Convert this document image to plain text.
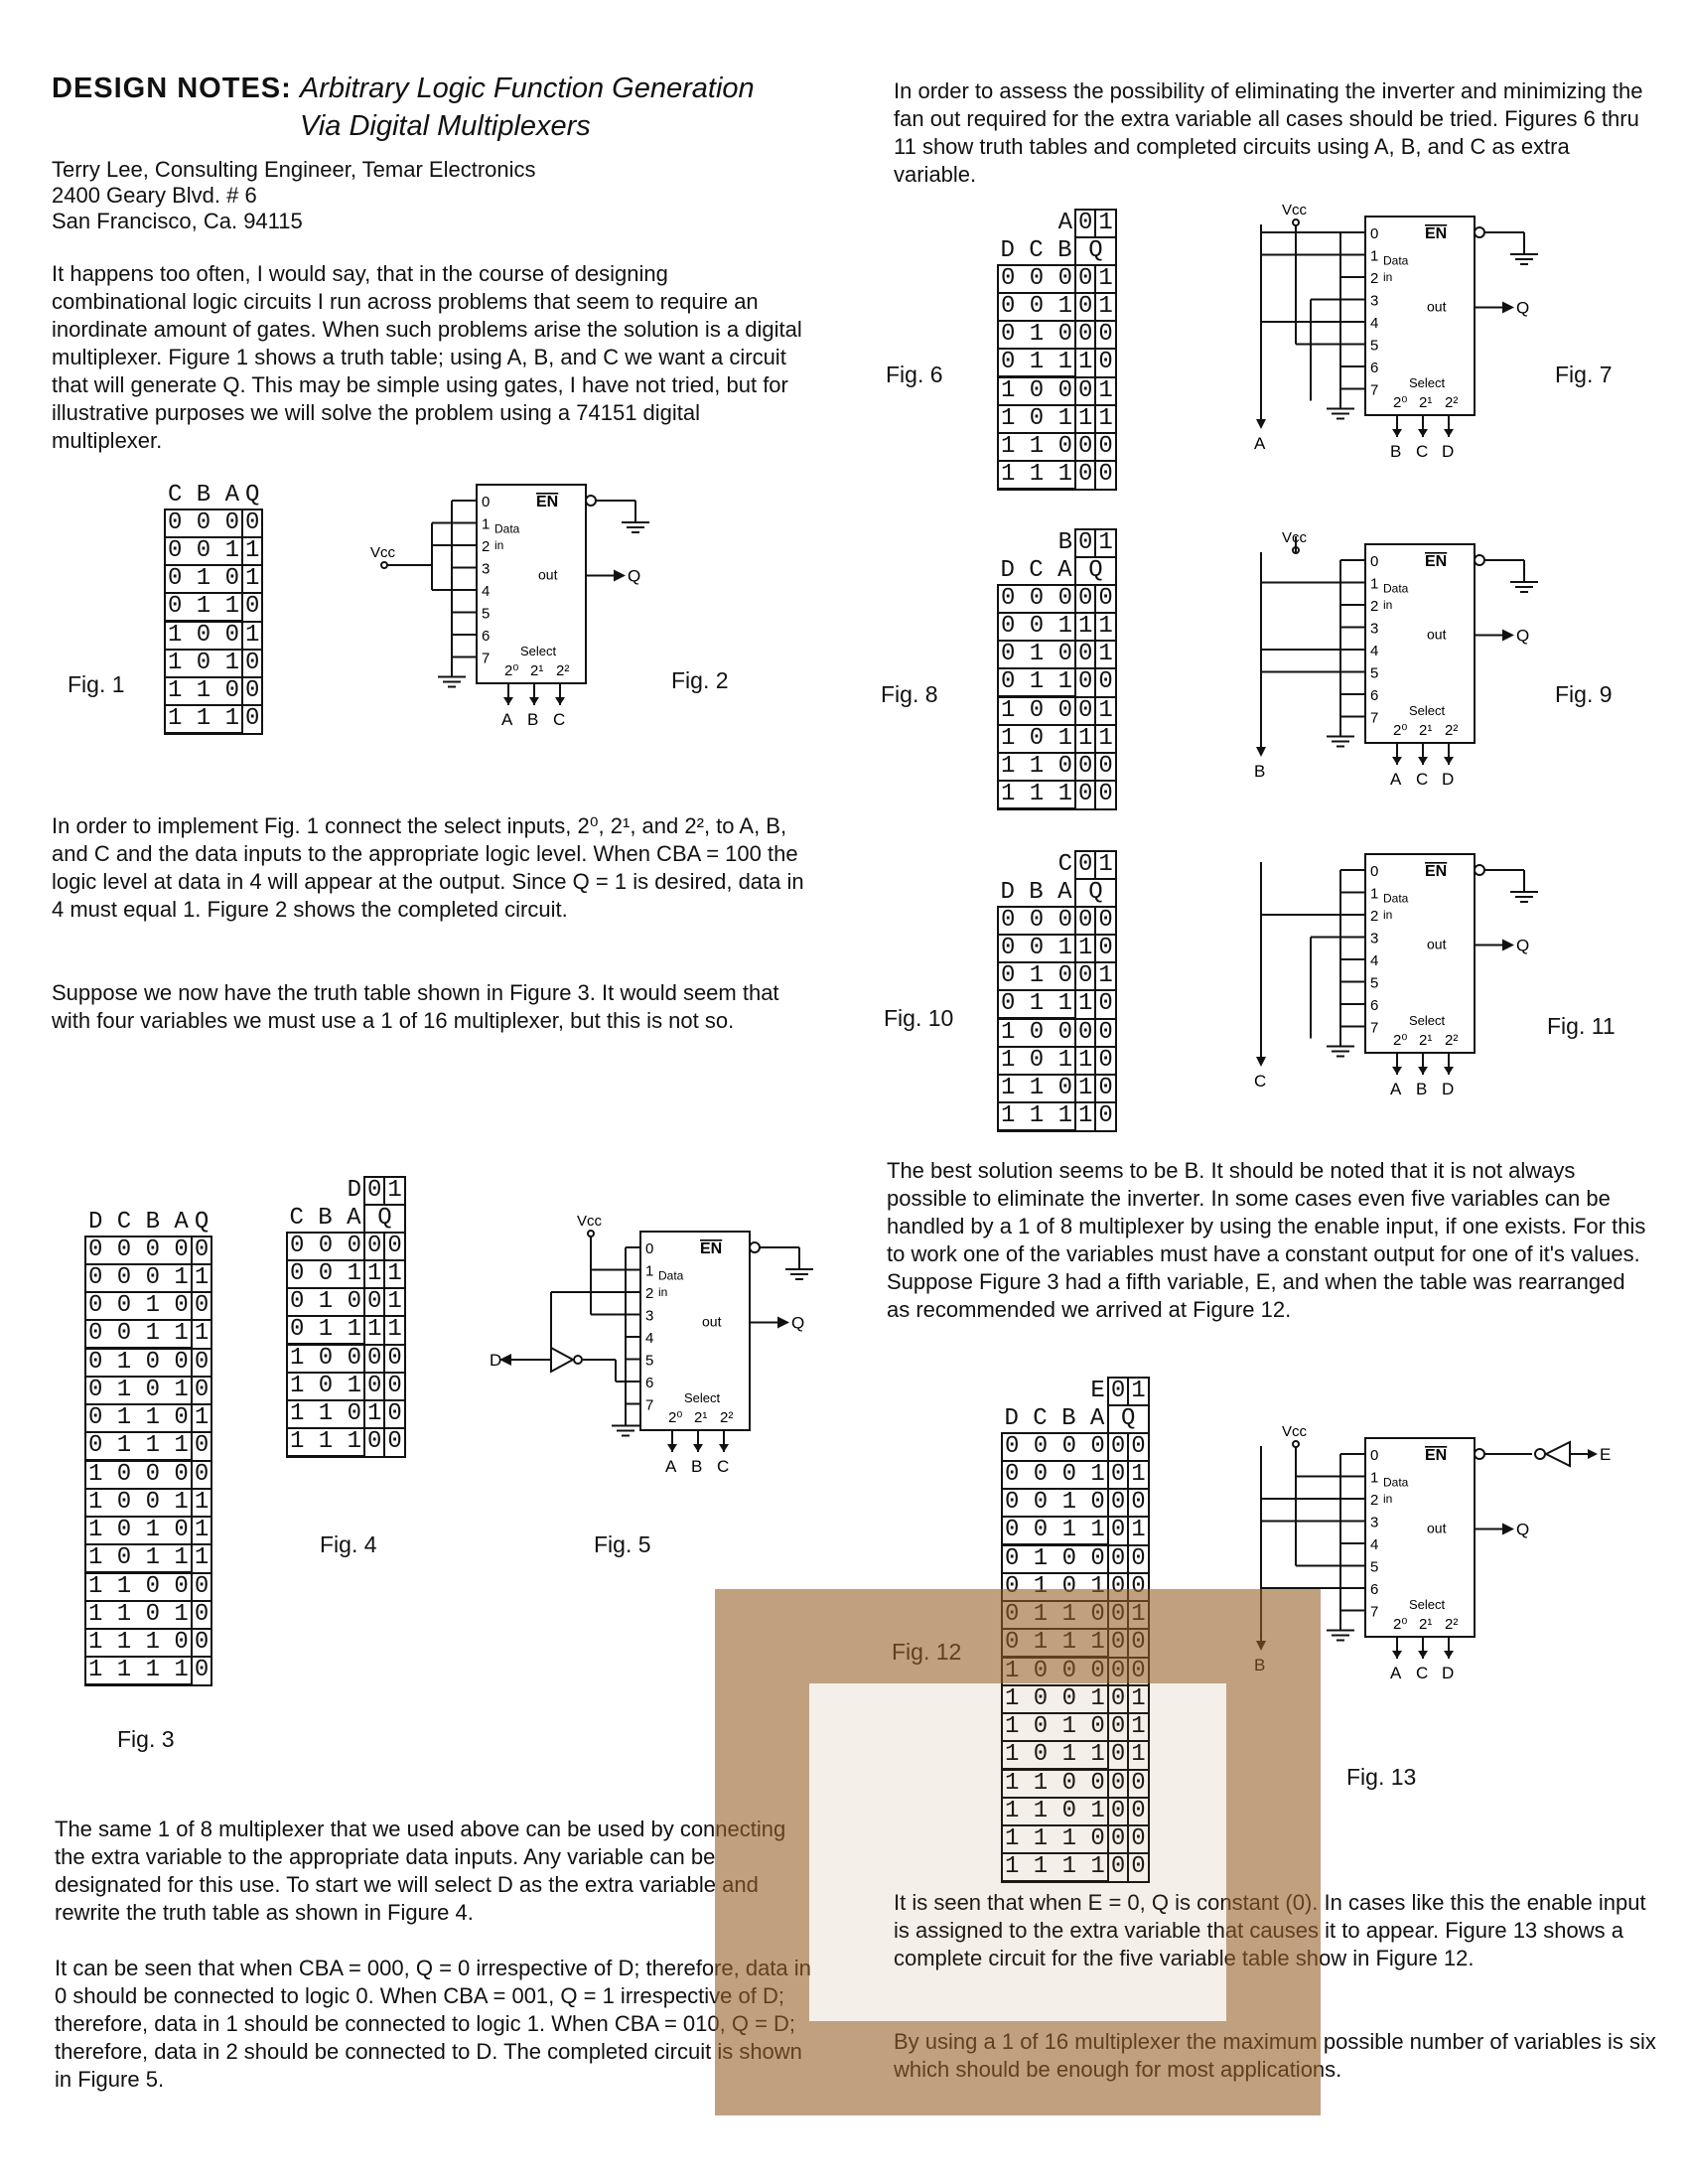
DESIGN NOTES: Arbitrary Logic Function Generation
Via Digital Multiplexers
Terry Lee, Consulting Engineer, Temar Electronics
2400 Geary Blvd. # 6
San Francisco, Ca. 94115

It happens too often, I would say, that in the course of designing combinational logic circuits I run across problems that seem to require an inordinate amount of gates. When such problems arise the solution is a digital multiplexer. Figure 1 shows a truth table; using A, B, and C we want a circuit that will generate Q. This may be simple using gates, I have not tried, but for illustrative purposes we will solve the problem using a 74151 digital multiplexer.

In order to implement Fig. 1 connect the select inputs, 2⁰, 2¹, and 2², to A, B, and C and the data inputs to the appropriate logic level. When CBA = 100 the logic level at data in 4 will appear at the output. Since Q = 1 is desired, data in 4 must equal 1. Figure 2 shows the completed circuit.

Suppose we now have the truth table shown in Figure 3. It would seem that with four variables we must use a 1 of 16 multiplexer, but this is not so.

The same 1 of 8 multiplexer that we used above can be used by connecting the extra variable to the appropriate data inputs. Any variable can be designated for this use. To start we will select D as the extra variable and rewrite the truth table as shown in Figure 4.

It can be seen that when CBA = 000, Q = 0 irrespective of D; therefore, data in 0 should be connected to logic 0. When CBA = 001, Q = 1 irrespective of D; therefore, data in 1 should be connected to logic 1. When CBA = 010, Q = D; therefore, data in 2 should be connected to D. The completed circuit is shown in Figure 5.

In order to assess the possibility of eliminating the inverter and minimizing the fan out required for the extra variable all cases should be tried. Figures 6 thru 11 show truth tables and completed circuits using A, B, and C as extra variable.

The best solution seems to be B. It should be noted that it is not always possible to eliminate the inverter. In some cases even five variables can be handled by a 1 of 8 multiplexer by using the enable input, if one exists. For this to work one of the variables must have a constant output for one of it's values. Suppose Figure 3 had a fifth variable, E, and when the table was rearranged as recommended we arrived at Figure 12.

It is seen that when E = 0, Q is constant (0). In cases like this the enable input is assigned to the extra variable that causes it to appear. Figure 13 shows a complete circuit for the five variable table show in Figure 12.

By using a 1 of 16 multiplexer the maximum possible number of variables is six which should be enough for most applications.

C B A	Q
0 0 0	0
0 0 1	1
0 1 0	1
0 1 1	0
1 0 0	1
1 0 1	0
1 1 0	0
1 1 1	0
D C B A	Q
0 0 0 0	0
0 0 0 1	1
0 0 1 0	0
0 0 1 1	1
0 1 0 0	0
0 1 0 1	0
0 1 1 0	1
0 1 1 1	0
1 0 0 0	0
1 0 0 1	1
1 0 1 0	1
1 0 1 1	1
1 1 0 0	0
1 1 0 1	0
1 1 1 0	0
1 1 1 1	0
D	0	1
C B A	Q	
0 0 0	0	0
0 0 1	1	1
0 1 0	0	1
0 1 1	1	1
1 0 0	0	0
1 0 1	0	0
1 1 0	1	0
1 1 1	0	0
A	0	1
D C B	Q	
0 0 0	0	1
0 0 1	0	1
0 1 0	0	0
0 1 1	1	0
1 0 0	0	1
1 0 1	1	1
1 1 0	0	0
1 1 1	0	0
B	0	1
D C A	Q	
0 0 0	0	0
0 0 1	1	1
0 1 0	0	1
0 1 1	0	0
1 0 0	0	1
1 0 1	1	1
1 1 0	0	0
1 1 1	0	0
C	0	1
D B A	Q	
0 0 0	0	0
0 0 1	1	0
0 1 0	0	1
0 1 1	1	0
1 0 0	0	0
1 0 1	1	0
1 1 0	1	0
1 1 1	1	0
E	0	1
D C B A	Q	
0 0 0 0	0	0
0 0 0 1	0	1
0 0 1 0	0	0
0 0 1 1	0	1
0 1 0 0	0	0
0 1 0 1	0	0
0 1 1 0	0	1
0 1 1 1	0	0
1 0 0 0	0	0
1 0 0 1	0	1
1 0 1 0	0	1
1 0 1 1	0	1
1 1 0 0	0	0
1 1 0 1	0	0
1 1 1 0	0	0
1 1 1 1	0	0
0
1
2
3
4
5
6
7
Data
in
EN
out
Select
2⁰ 2¹ 2²
Q
A B C
Vcc
0
1
2
3
4
5
6
7
Data
in
EN
out
Select
2⁰ 2¹ 2²
Q
A B C
Vcc
D
0
1
2
3
4
5
6
7
Data
in
EN
out
Select
2⁰ 2¹ 2²
Q
B C D
A
Vcc
0
1
2
3
4
5
6
7
Data
in
EN
out
Select
2⁰ 2¹ 2²
Q
A C D
B
Vcc
0
1
2
3
4
5
6
7
Data
in
EN
out
Select
2⁰ 2¹ 2²
Q
A B D
C
0
1
2
3
4
5
6
7
Data
in
EN
out
Select
2⁰ 2¹ 2²
Q
A C D
E
B
Vcc
Fig. 1	Fig. 2
Fig. 3
Fig. 4	Fig. 5
Fig. 6	Fig. 7
Fig. 8	Fig. 9
Fig. 10	Fig. 11
Fig. 12
Fig. 13
